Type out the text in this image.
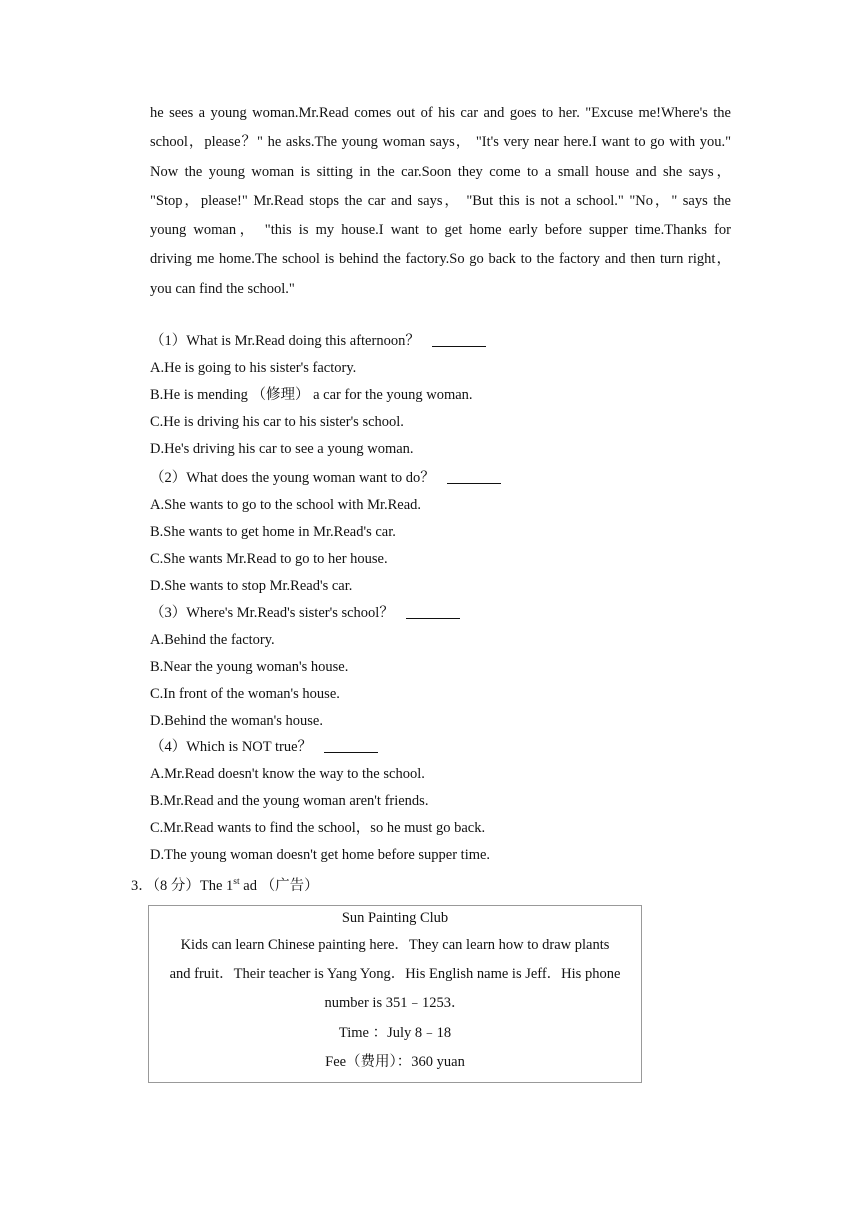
he sees a young woman.Mr.Read comes out of his car and goes to her. "Excuse me!Where's the
school，please？" he asks.The young woman says， "It's very near here.I want to go with you."
Now the young woman is sitting in the car.Soon they come to a small house and she says，
"Stop，please!" Mr.Read stops the car and says， "But this is not a school." "No，" says the
young woman， "this is my house.I want to get home early before supper time.Thanks for
driving me home.The school is behind the factory.So go back to the factory and then turn right，
you can find the school."
（1）What is Mr.Read doing this afternoon？
A.He is going to his sister's factory.
B.He is mending （修理） a car for the young woman.
C.He is driving his car to his sister's school.
D.He's driving his car to see a young woman.
（2）What does the young woman want to do？
A.She wants to go to the school with Mr.Read.
B.She wants to get home in Mr.Read's car.
C.She wants Mr.Read to go to her house.
D.She wants to stop Mr.Read's car.
（3）Where's Mr.Read's sister's school？
A.Behind the factory.
B.Near the young woman's house.
C.In front of the woman's house.
D.Behind the woman's house.
（4）Which is NOT true？
A.Mr.Read doesn't know the way to the school.
B.Mr.Read and the young woman aren't friends.
C.Mr.Read wants to find the school，so he must go back.
D.The young woman doesn't get home before supper time.
3．（8 分）The 1st ad （广告）
Sun Painting Club
Kids can learn Chinese painting here．They can learn how to draw plants
and fruit．Their teacher is Yang Yong．His English name is Jeff．His phone
number is 351﹣1253．
Time ：July 8﹣18
Fee（费用）：360 yuan
